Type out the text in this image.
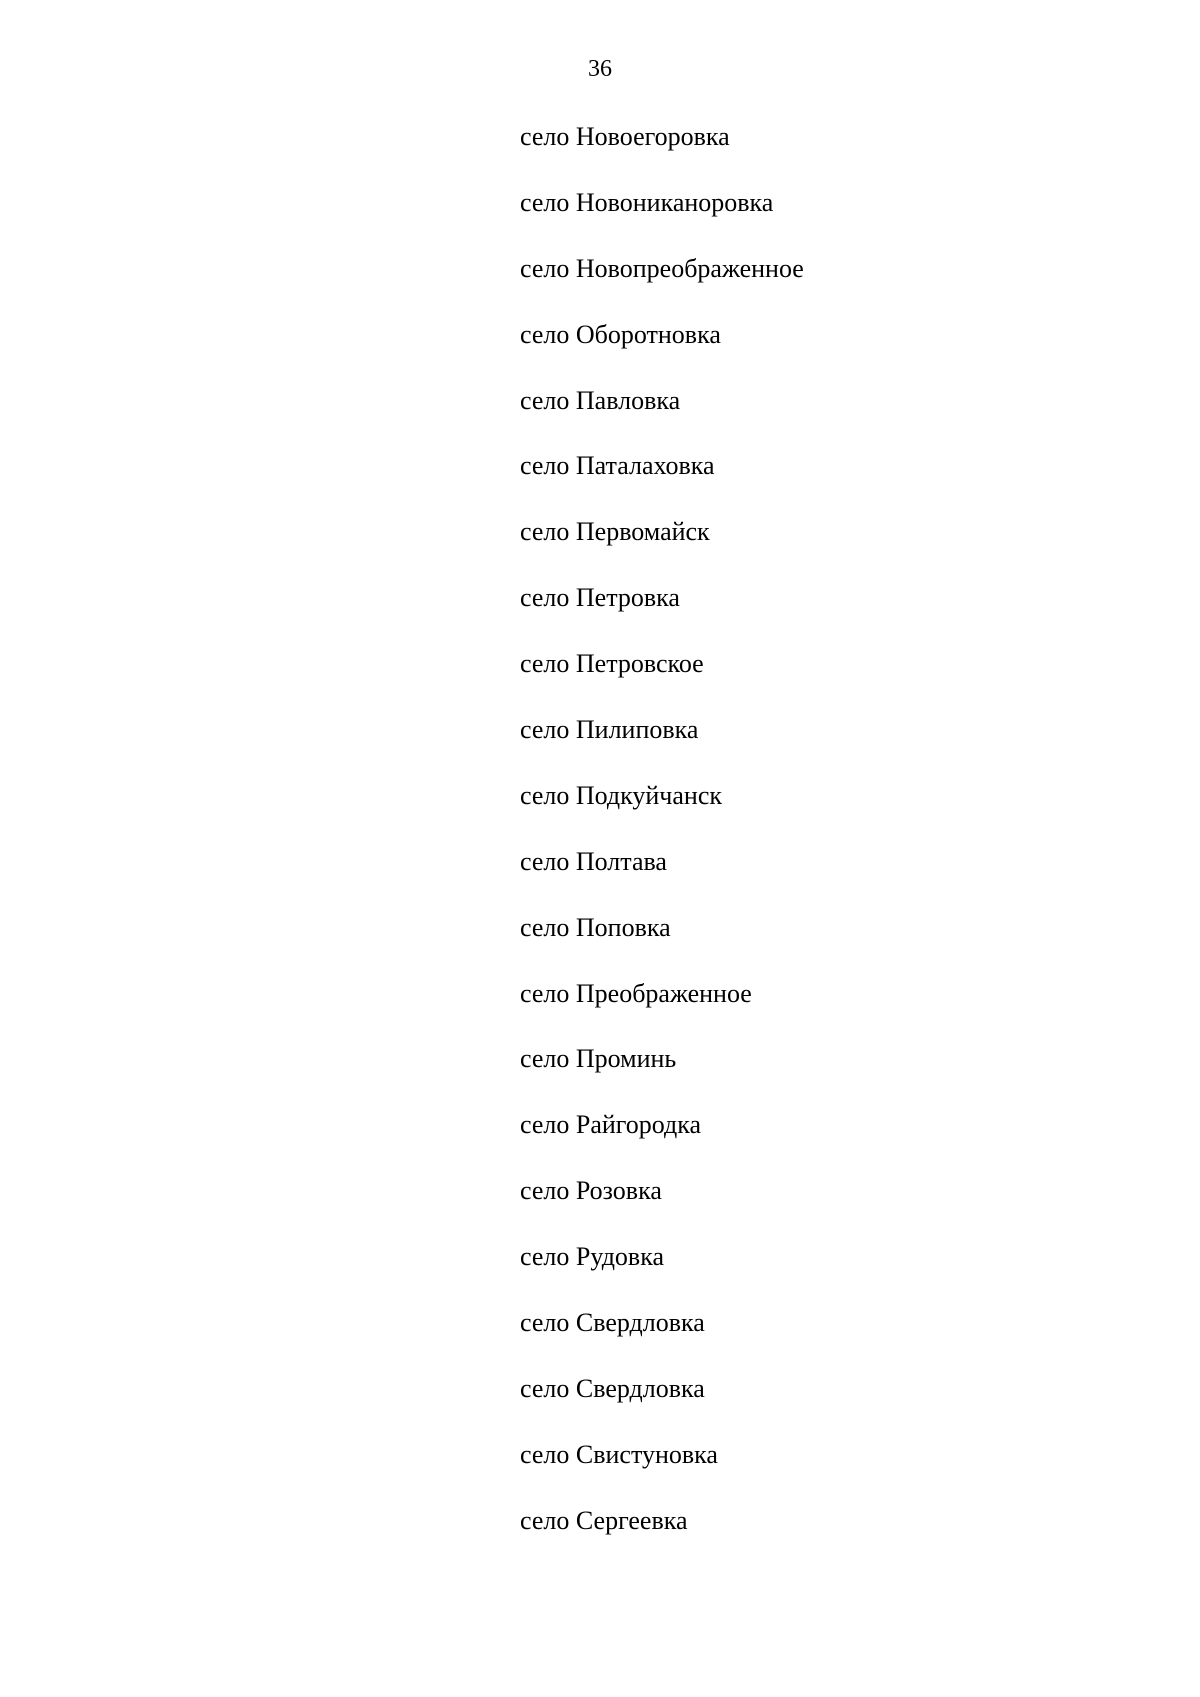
36
село Новоегоровка
село Новониканоровка
село Новопреображенное
село Оборотновка
село Павловка
село Паталаховка
село Первомайск
село Петровка
село Петровское
село Пилиповка
село Подкуйчанск
село Полтава
село Поповка
село Преображенное
село Проминь
село Райгородка
село Розовка
село Рудовка
село Свердловка
село Свердловка
село Свистуновка
село Сергеевка
